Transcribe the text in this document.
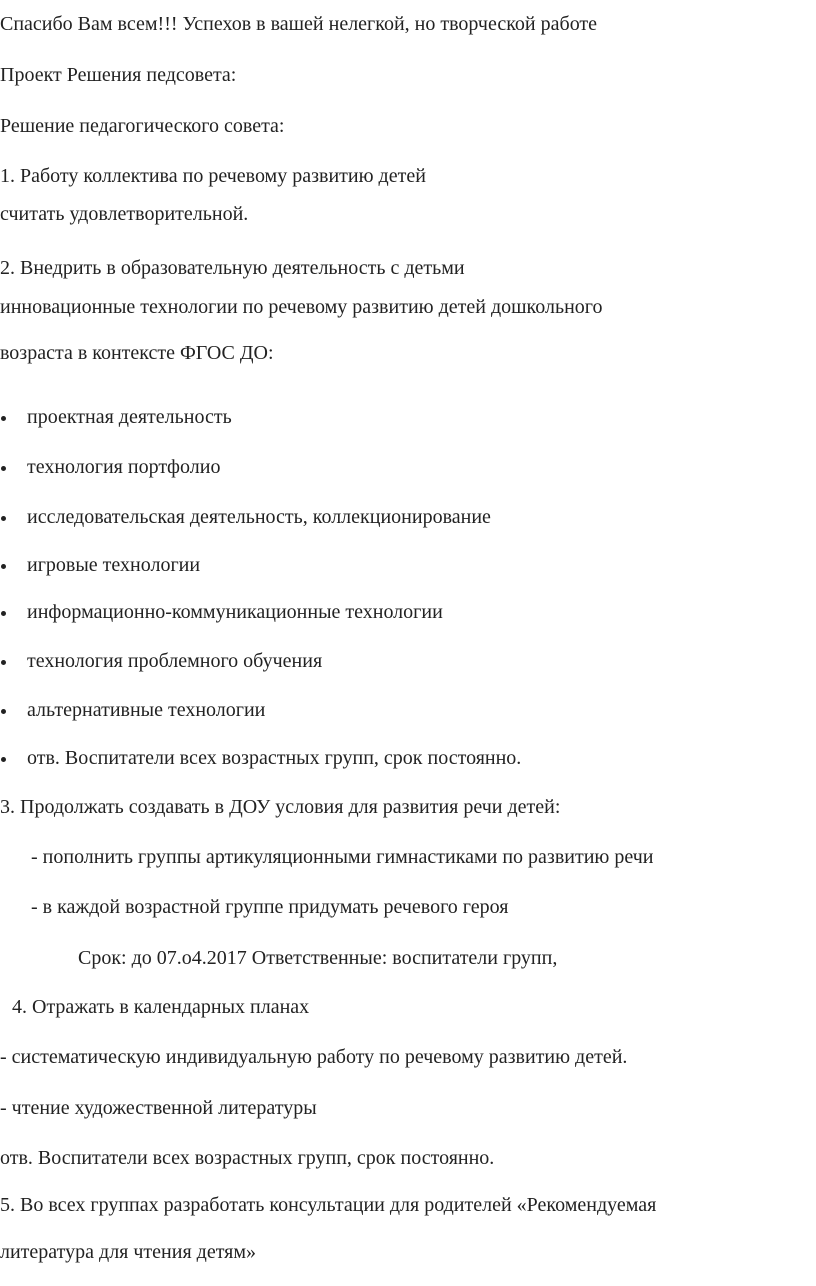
Спасибо Вам всем!!! Успехов в вашей нелегкой, но творческой работе
Проект Решения педсовета:
Решение педагогического совета:
1. Работу коллектива по речевому развитию детей
считать удовлетворительной.
2. Внедрить в образовательную деятельность с детьми
инновационные технологии по речевому развитию детей дошкольного
возраста в контексте ФГОС ДО:
проектная деятельность
технология портфолио
исследовательская деятельность, коллекционирование
игровые технологии
информационно-коммуникационные технологии
технология проблемного обучения
альтернативные технологии
отв. Воспитатели всех возрастных групп, срок постоянно.
3. Продолжать создавать в ДОУ условия для развития речи детей:
- пополнить группы артикуляционными гимнастиками по развитию речи
- в каждой возрастной группе придумать речевого героя
Срок: до 07.о4.2017 Ответственные: воспитатели групп,
4. Отражать в календарных планах
- систематическую индивидуальную работу по речевому развитию детей.
- чтение художественной литературы
отв. Воспитатели всех возрастных групп, срок постоянно.
5. Во всех группах разработать консультации для родителей «Рекомендуемая
литература для чтения детям»
